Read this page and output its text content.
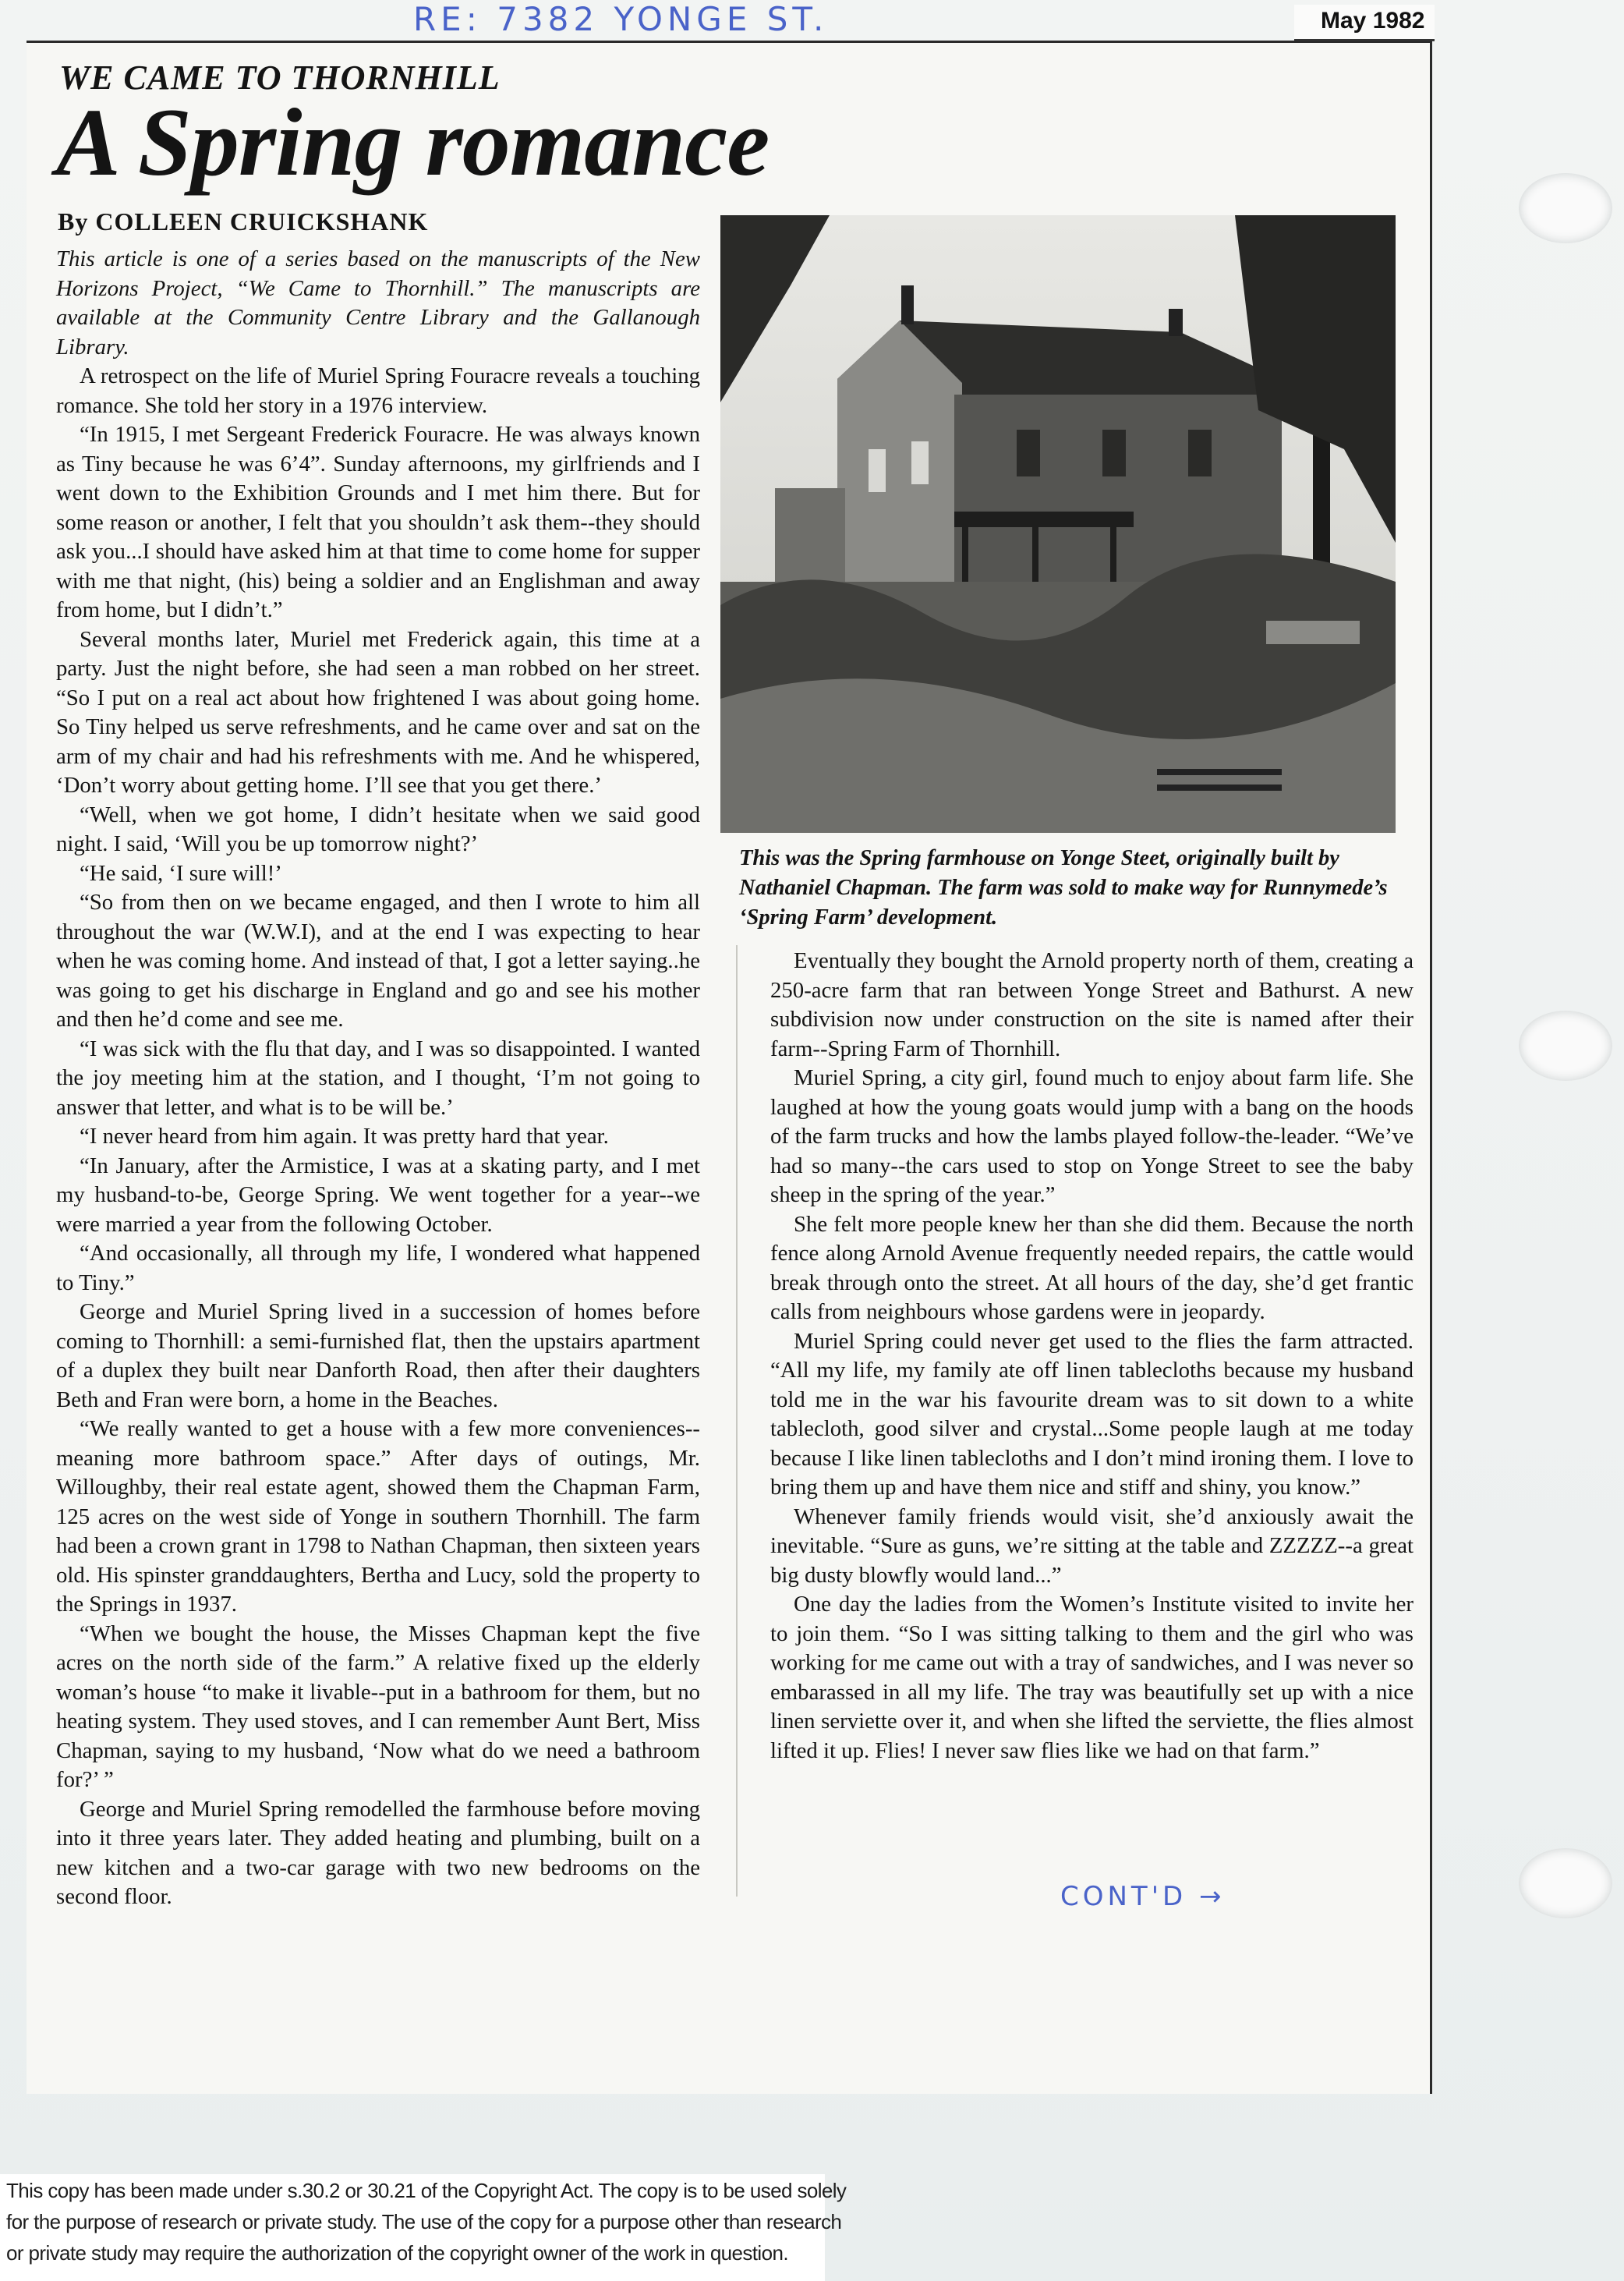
RE: 7382 YONGE ST.	May 1982
WE CAME TO THORNHILL
A Spring romance
By COLLEEN CRUICKSHANK

This article is one of a series based on the manuscripts of the New Horizons Project, “We Came to Thornhill.” The manuscripts are available at the Community Centre Library and the Gallanough Library.

A retrospect on the life of Muriel Spring Fouracre reveals a touching romance. She told her story in a 1976 interview.

“In 1915, I met Sergeant Frederick Fouracre. He was always known as Tiny because he was 6’4”. Sunday afternoons, my girlfriends and I went down to the Exhibition Grounds and I met him there. But for some reason or another, I felt that you shouldn’t ask them--they should ask you...I should have asked him at that time to come home for supper with me that night, (his) being a soldier and an Englishman and away from home, but I didn’t.”

Several months later, Muriel met Frederick again, this time at a party. Just the night before, she had seen a man robbed on her street. “So I put on a real act about how frightened I was about going home. So Tiny helped us serve refreshments, and he came over and sat on the arm of my chair and had his refreshments with me. And he whispered, ‘Don’t worry about getting home. I’ll see that you get there.’

“Well, when we got home, I didn’t hesitate when we said good night. I said, ‘Will you be up tomorrow night?’

“He said, ‘I sure will!’

“So from then on we became engaged, and then I wrote to him all throughout the war (W.W.I), and at the end I was expecting to hear when he was coming home. And instead of that, I got a letter saying..he was going to get his discharge in England and go and see his mother and then he’d come and see me.

“I was sick with the flu that day, and I was so disappointed. I wanted the joy meeting him at the station, and I thought, ‘I’m not going to answer that letter, and what is to be will be.’

“I never heard from him again. It was pretty hard that year.

“In January, after the Armistice, I was at a skating party, and I met my husband-to-be, George Spring. We went together for a year--we were married a year from the following October.

“And occasionally, all through my life, I wondered what happened to Tiny.”

George and Muriel Spring lived in a succession of homes before coming to Thornhill: a semi-furnished flat, then the upstairs apartment of a duplex they built near Danforth Road, then after their daughters Beth and Fran were born, a home in the Beaches.

“We really wanted to get a house with a few more conveniences--meaning more bathroom space.” After days of outings, Mr. Willoughby, their real estate agent, showed them the Chapman Farm, 125 acres on the west side of Yonge in southern Thornhill. The farm had been a crown grant in 1798 to Nathan Chapman, then sixteen years old. His spinster granddaughters, Bertha and Lucy, sold the property to the Springs in 1937.

“When we bought the house, the Misses Chapman kept the five acres on the north side of the farm.” A relative fixed up the elderly woman’s house “to make it livable--put in a bathroom for them, but no heating system. They used stoves, and I can remember Aunt Bert, Miss Chapman, saying to my husband, ‘Now what do we need a bathroom for?’ ”

George and Muriel Spring remodelled the farmhouse before moving into it three years later. They added heating and plumbing, built on a new kitchen and a two-car garage with two new bedrooms on the second floor.

This was the Spring farmhouse on Yonge Steet, originally built by Nathaniel Chapman. The farm was sold to make way for Runnymede’s ‘Spring Farm’ development.

Eventually they bought the Arnold property north of them, creating a 250-acre farm that ran between Yonge Street and Bathurst. A new subdivision now under construction on the site is named after their farm--Spring Farm of Thornhill.

Muriel Spring, a city girl, found much to enjoy about farm life. She laughed at how the young goats would jump with a bang on the hoods of the farm trucks and how the lambs played follow-the-leader. “We’ve had so many--the cars used to stop on Yonge Street to see the baby sheep in the spring of the year.”

She felt more people knew her than she did them. Because the north fence along Arnold Avenue frequently needed repairs, the cattle would break through onto the street. At all hours of the day, she’d get frantic calls from neighbours whose gardens were in jeopardy.

Muriel Spring could never get used to the flies the farm attracted. “All my life, my family ate off linen tablecloths because my husband told me in the war his favourite dream was to sit down to a white tablecloth, good silver and crystal...Some people laugh at me today because I like linen tablecloths and I don’t mind ironing them. I love to bring them up and have them nice and stiff and shiny, you know.”

Whenever family friends would visit, she’d anxiously await the inevitable. “Sure as guns, we’re sitting at the table and ZZZZZ--a great big dusty blowfly would land...”

One day the ladies from the Women’s Institute visited to invite her to join them. “So I was sitting talking to them and the girl who was working for me came out with a tray of sandwiches, and I was never so embarassed in all my life. The tray was beautifully set up with a nice linen serviette over it, and when she lifted the serviette, the flies almost lifted it up. Flies! I never saw flies like we had on that farm.”

CONT'D →
This copy has been made under s.30.2 or 30.21 of the Copyright Act. The copy is to be used solely
for the purpose of research or private study. The use of the copy for a purpose other than research
or private study may require the authorization of the copyright owner of the work in question.
